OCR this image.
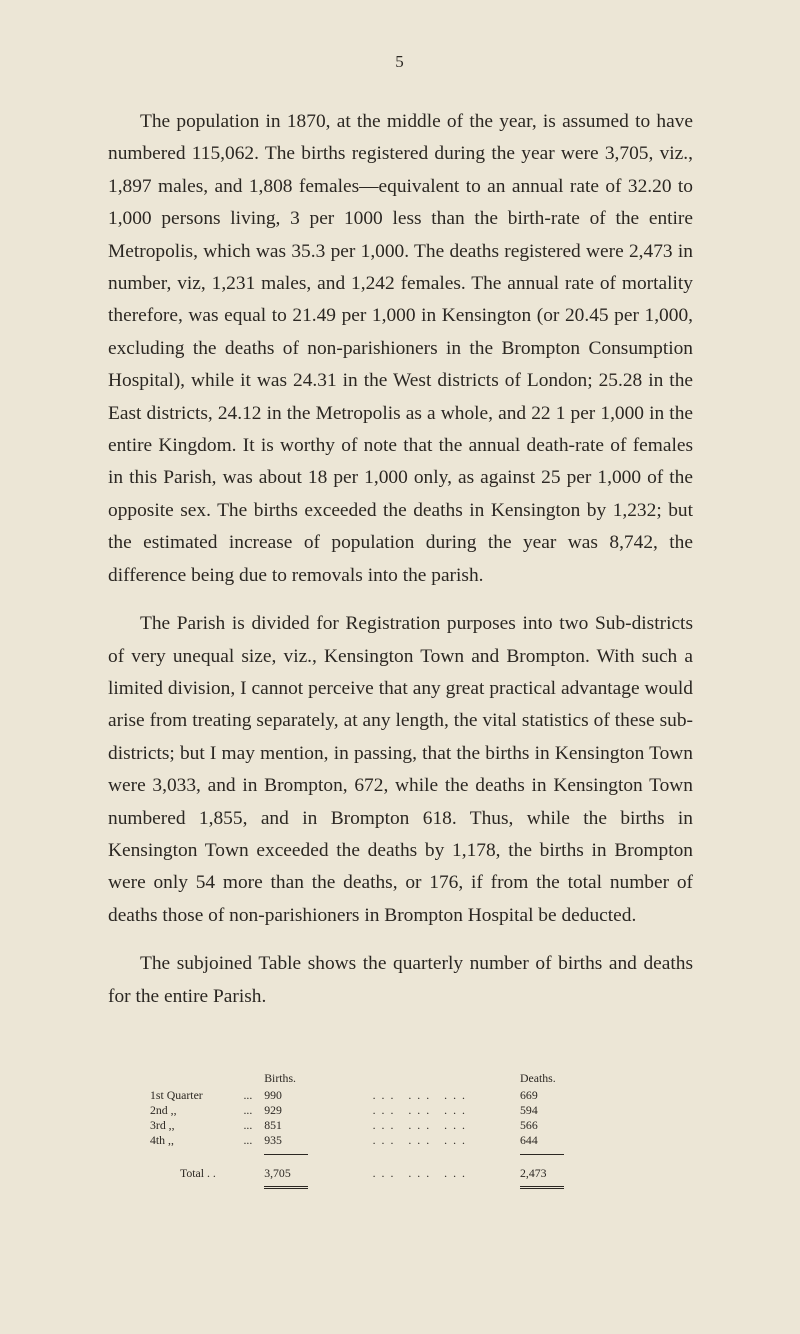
5

The population in 1870, at the middle of the year, is assumed to have numbered 115,062. The births registered during the year were 3,705, viz., 1,897 males, and 1,808 females—equivalent to an annual rate of 32.20 to 1,000 persons living, 3 per 1000 less than the birth-rate of the entire Metropolis, which was 35.3 per 1,000. The deaths registered were 2,473 in number, viz, 1,231 males, and 1,242 females. The annual rate of mortality therefore, was equal to 21.49 per 1,000 in Kensington (or 20.45 per 1,000, excluding the deaths of non-parishioners in the Brompton Consumption Hospital), while it was 24.31 in the West districts of London; 25.28 in the East districts, 24.12 in the Metropolis as a whole, and 22 1 per 1,000 in the entire Kingdom. It is worthy of note that the annual death-rate of females in this Parish, was about 18 per 1,000 only, as against 25 per 1,000 of the opposite sex. The births exceeded the deaths in Kensington by 1,232; but the estimated increase of population during the year was 8,742, the difference being due to removals into the parish.

The Parish is divided for Registration purposes into two Sub-districts of very unequal size, viz., Kensington Town and Brompton. With such a limited division, I cannot perceive that any great practical advantage would arise from treating separately, at any length, the vital statistics of these sub-districts; but I may mention, in passing, that the births in Kensington Town were 3,033, and in Brompton, 672, while the deaths in Kensington Town numbered 1,855, and in Brompton 618. Thus, while the births in Kensington Town exceeded the deaths by 1,178, the births in Brompton were only 54 more than the deaths, or 176, if from the total number of deaths those of non-parishioners in Brompton Hospital be deducted.

The subjoined Table shows the quarterly number of births and deaths for the entire Parish.

		Births.		Deaths.
1st Quarter	...	990	... ... ...	669
2nd ,,	...	929	... ... ...	594
3rd ,,	...	851	... ... ...	566
4th ,,	...	935	... ... ...	644

Total . .		3,705	... ... ...	2,473
